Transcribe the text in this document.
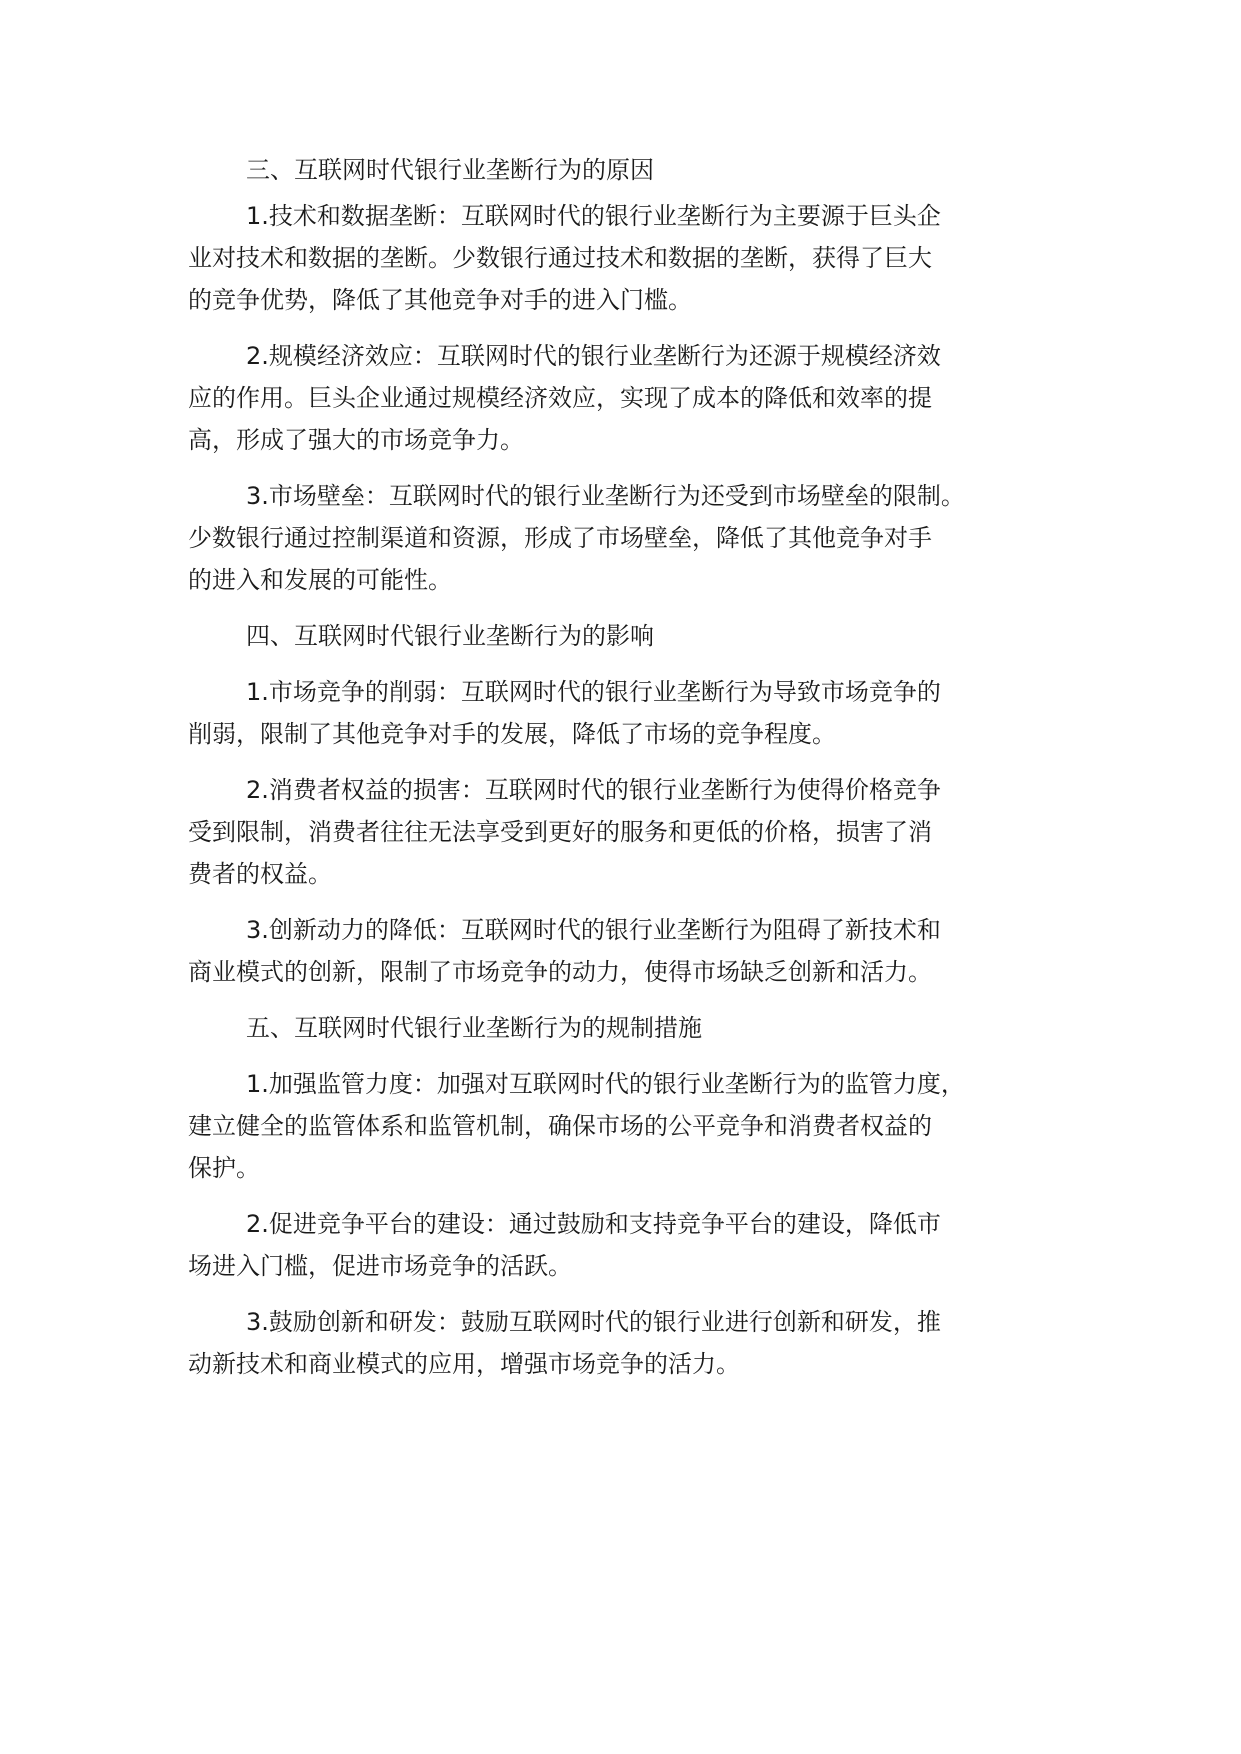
三、互联网时代银行业垄断行为的原因
1.技术和数据垄断：互联网时代的银行业垄断行为主要源于巨头企
业对技术和数据的垄断。少数银行通过技术和数据的垄断，获得了巨大
的竞争优势，降低了其他竞争对手的进入门槛。
2.规模经济效应：互联网时代的银行业垄断行为还源于规模经济效
应的作用。巨头企业通过规模经济效应，实现了成本的降低和效率的提
高，形成了强大的市场竞争力。
3.市场壁垒：互联网时代的银行业垄断行为还受到市场壁垒的限制。
少数银行通过控制渠道和资源，形成了市场壁垒，降低了其他竞争对手
的进入和发展的可能性。
四、互联网时代银行业垄断行为的影响
1.市场竞争的削弱：互联网时代的银行业垄断行为导致市场竞争的
削弱，限制了其他竞争对手的发展，降低了市场的竞争程度。
2.消费者权益的损害：互联网时代的银行业垄断行为使得价格竞争
受到限制，消费者往往无法享受到更好的服务和更低的价格，损害了消
费者的权益。
3.创新动力的降低：互联网时代的银行业垄断行为阻碍了新技术和
商业模式的创新，限制了市场竞争的动力，使得市场缺乏创新和活力。
五、互联网时代银行业垄断行为的规制措施
1.加强监管力度：加强对互联网时代的银行业垄断行为的监管力度，
建立健全的监管体系和监管机制，确保市场的公平竞争和消费者权益的
保护。
2.促进竞争平台的建设：通过鼓励和支持竞争平台的建设，降低市
场进入门槛，促进市场竞争的活跃。
3.鼓励创新和研发：鼓励互联网时代的银行业进行创新和研发，推
动新技术和商业模式的应用，增强市场竞争的活力。
